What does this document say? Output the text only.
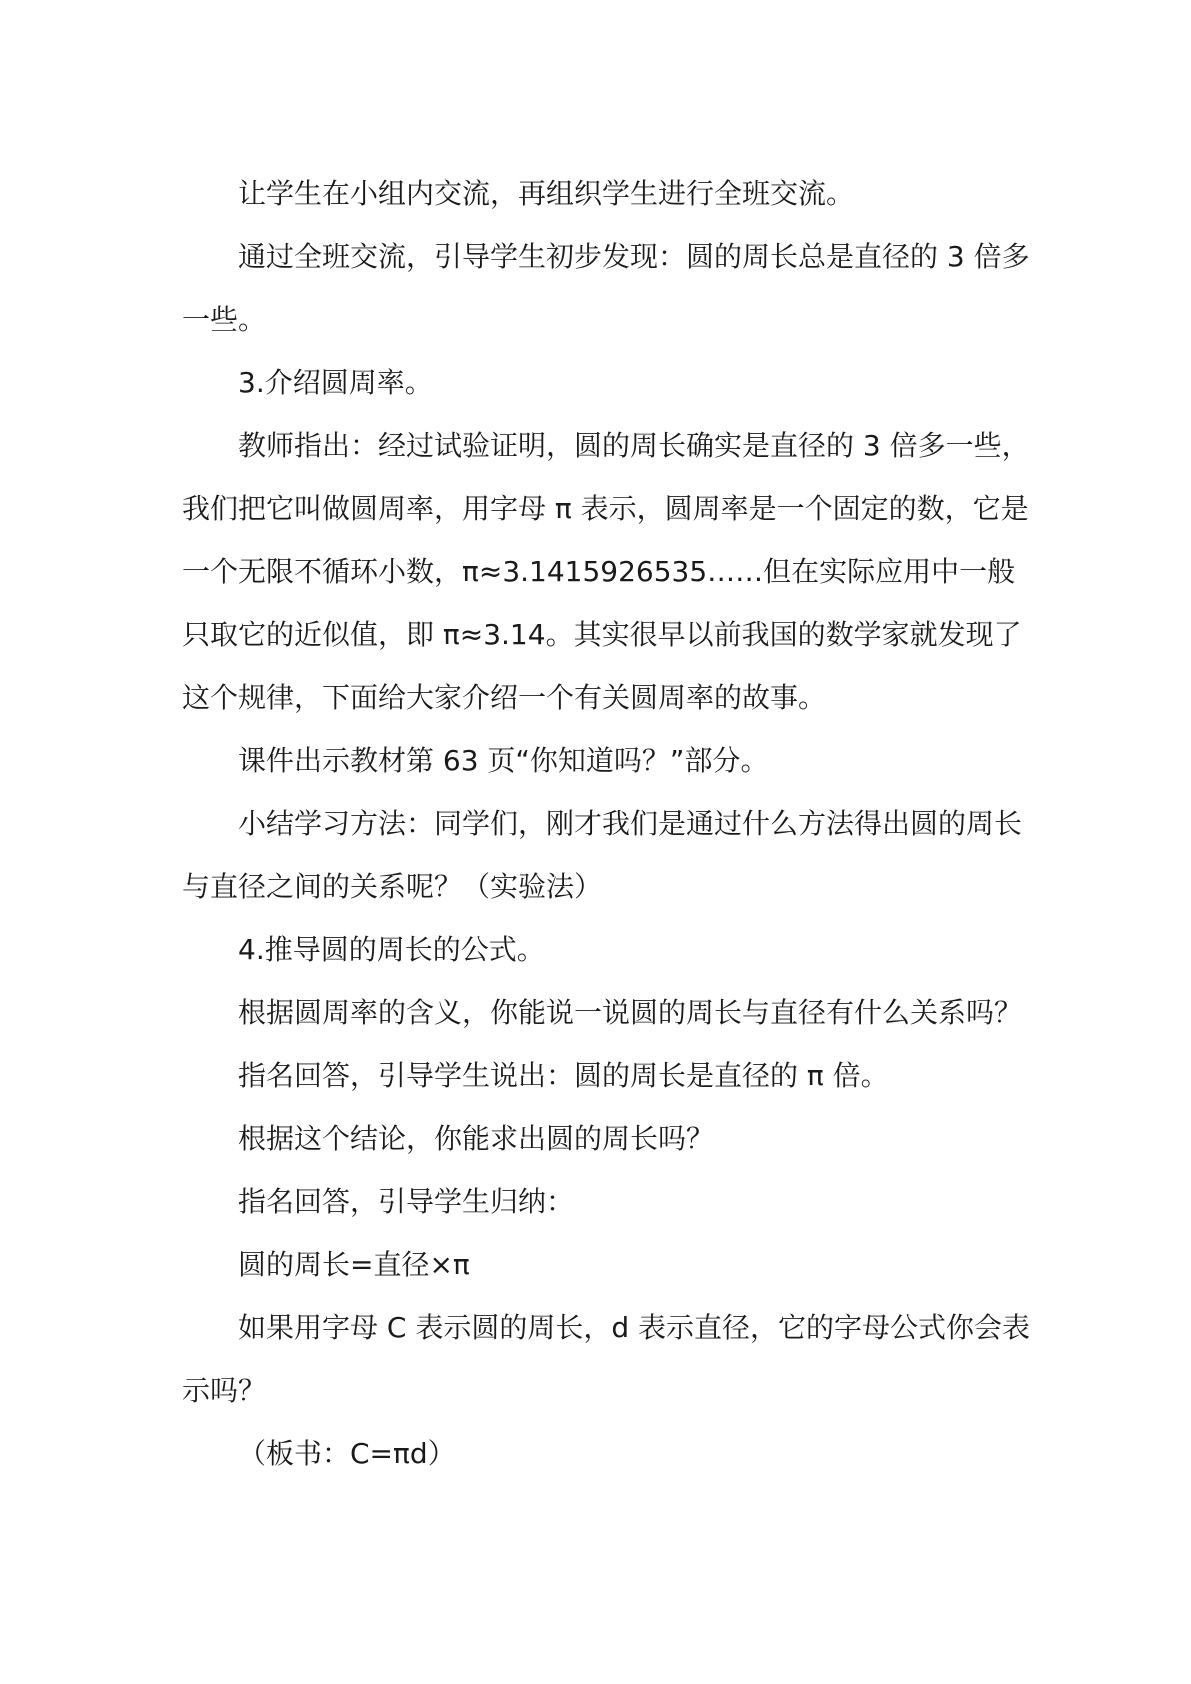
让学生在小组内交流，再组织学生进行全班交流。

通过全班交流，引导学生初步发现：圆的周长总是直径的 3 倍多一些。

3.介绍圆周率。

教师指出：经过试验证明，圆的周长确实是直径的 3 倍多一些，我们把它叫做圆周率，用字母 π 表示，圆周率是一个固定的数，它是一个无限不循环小数，π≈3.1415926535……但在实际应用中一般只取它的近似值，即 π≈3.14。其实很早以前我国的数学家就发现了这个规律，下面给大家介绍一个有关圆周率的故事。

课件出示教材第 63 页“你知道吗？”部分。

小结学习方法：同学们，刚才我们是通过什么方法得出圆的周长与直径之间的关系呢？（实验法）

4.推导圆的周长的公式。

根据圆周率的含义，你能说一说圆的周长与直径有什么关系吗？

指名回答，引导学生说出：圆的周长是直径的 π 倍。

根据这个结论，你能求出圆的周长吗？

指名回答，引导学生归纳：

圆的周长=直径×π

如果用字母 C 表示圆的周长，d 表示直径，它的字母公式你会表示吗？

（板书：C=πd）
